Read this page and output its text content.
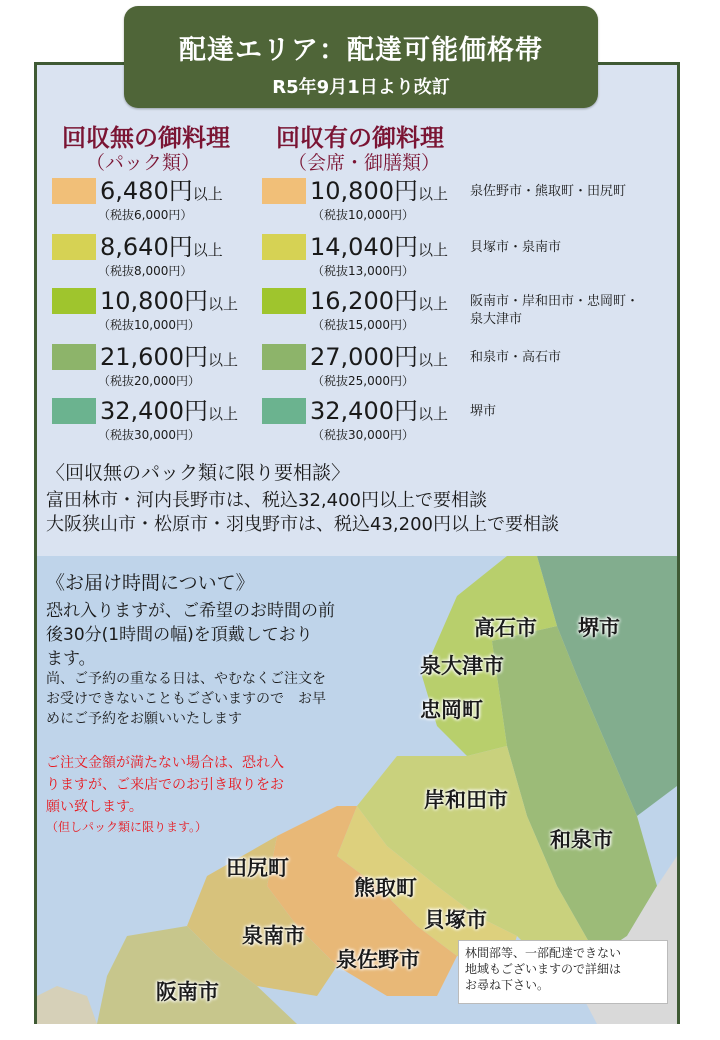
配達エリア：配達可能価格帯
R5年9月1日より改訂
回収無の御料理
（パック類）
回収有の御料理
（会席・御膳類）
6,480円以上
（税抜6,000円）
10,800円以上
（税抜10,000円）
泉佐野市・熊取町・田尻町
8,640円以上
（税抜8,000円）
14,040円以上
（税抜13,000円）
貝塚市・泉南市
10,800円以上
（税抜10,000円）
16,200円以上
（税抜15,000円）
阪南市・岸和田市・忠岡町・
泉大津市
21,600円以上
（税抜20,000円）
27,000円以上
（税抜25,000円）
和泉市・高石市
32,400円以上
（税抜30,000円）
32,400円以上
（税抜30,000円）
堺市
〈回収無のパック類に限り要相談〉
富田林市・河内長野市は、税込32,400円以上で要相談
大阪狭山市・松原市・羽曳野市は、税込43,200円以上で要相談
高石市 堺市
泉大津市
忠岡町
岸和田市
和泉市
田尻町
熊取町
貝塚市
泉南市
泉佐野市
阪南市
《お届け時間について》
恐れ入りますが、ご希望のお時間の前
後30分(1時間の幅)を頂戴しており
ます。
尚、ご予約の重なる日は、やむなくご注文を
お受けできないこともございますので　お早
めにご予約をお願いいたします
ご注文金額が満たない場合は、恐れ入
りますが、ご来店でのお引き取りをお
願い致します。
（但しパック類に限ります。）
林間部等、一部配達できない
地域もございますので詳細は
お尋ね下さい。
